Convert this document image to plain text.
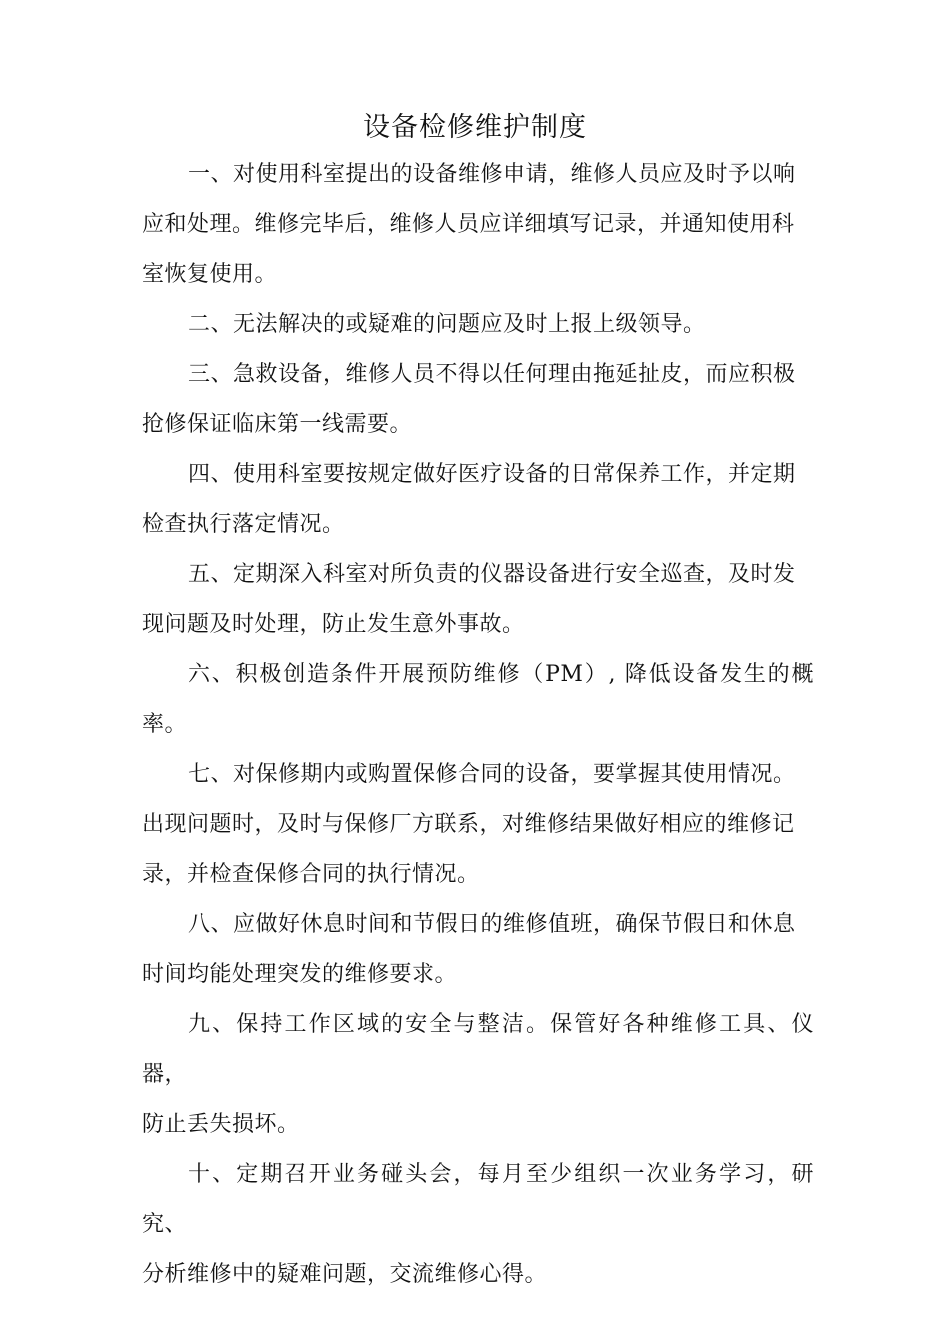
设备检修维护制度

一、对使用科室提出的设备维修申请，维修人员应及时予以响
应和处理。维修完毕后，维修人员应详细填写记录，并通知使用科
室恢复使用。

二、无法解决的或疑难的问题应及时上报上级领导。

三、急救设备，维修人员不得以任何理由拖延扯皮，而应积极
抢修保证临床第一线需要。

四、使用科室要按规定做好医疗设备的日常保养工作，并定期
检查执行落定情况。

五、定期深入科室对所负责的仪器设备进行安全巡查，及时发
现问题及时处理，防止发生意外事故。

六、积极创造条件开展预防维修（PM）, 降低设备发生的概率。

七、对保修期内或购置保修合同的设备，要掌握其使用情况。
出现问题时，及时与保修厂方联系，对维修结果做好相应的维修记
录，并检查保修合同的执行情况。

八、应做好休息时间和节假日的维修值班，确保节假日和休息
时间均能处理突发的维修要求。

九、保持工作区域的安全与整洁。保管好各种维修工具、仪器，
防止丢失损坏。

十、定期召开业务碰头会，每月至少组织一次业务学习，研究、
分析维修中的疑难问题，交流维修心得。
